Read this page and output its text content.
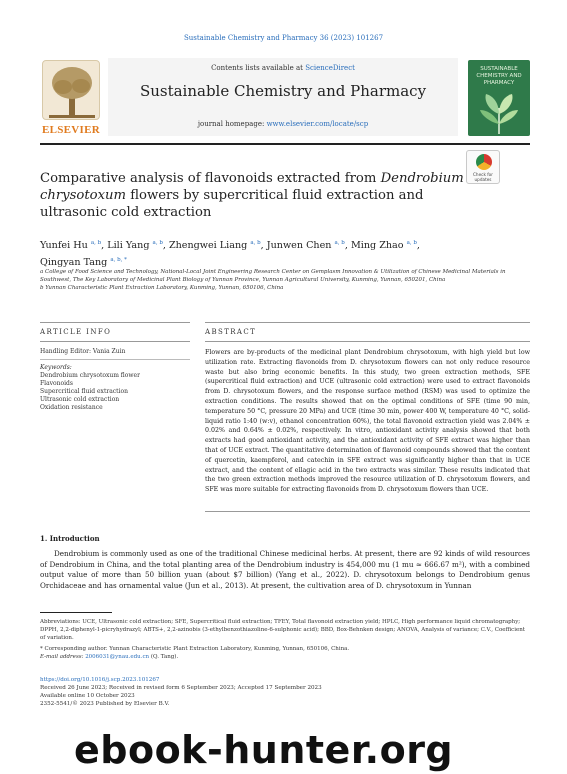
Sustainable Chemistry and Pharmacy 36 (2023) 101267
ELSEVIER
Contents lists available at ScienceDirect
Sustainable Chemistry and Pharmacy
journal homepage: www.elsevier.com/locate/scp
SUSTAINABLE CHEMISTRY AND PHARMACY
Comparative analysis of flavonoids extracted from Dendrobium chrysotoxum flowers by supercritical fluid extraction and ultrasonic cold extraction
Check for updates
Yunfei Hu $^{a, b}$, Lili Yang $^{a, b}$, Zhengwei Liang $^{a, b}$, Junwen Chen $^{a, b}$, Ming Zhao $^{a, b}$,
Qingyan Tang $^{a, b, *}$
a College of Food Science and Technology, National-Local Joint Engineering Research Center on Gemplasm Innovation & Utilization of Chinese Medicinal Materials in Southwest, The Key Laboratory of Medicinal Plant Biology of Yunnan Province, Yunnan Agricultural University, Kunming, Yunnan, 650201, China
b Yunnan Characteristic Plant Extraction Laboratory, Kunming, Yunnan, 650106, China
ARTICLE INFO	ABSTRACT
Handling Editor: Vania Zuin
Keywords:
Dendrobium chrysotoxum flower
Flavonoids
Supercritical fluid extraction
Ultrasonic cold extraction
Oxidation resistance
Flowers are by-products of the medicinal plant Dendrobium chrysotoxum, with high yield but low utilization rate. Extracting flavonoids from D. chrysotoxum flowers can not only reduce resource waste but also bring economic benefits. In this study, two green extraction methods, SFE (supercritical fluid extraction) and UCE (ultrasonic cold extraction) were used to extract flavonoids from D. chrysotoxum flowers, and the response surface method (RSM) was used to optimize the extraction conditions. The results showed that on the optimal conditions of SFE (time 90 min, temperature 50 °C, pressure 20 MPa) and UCE (time 30 min, power 400 W, temperature 40 °C, solid-liquid ratio 1:40 (w:v), ethanol concentration 60%), the total flavonoid extraction yield was 2.04% ± 0.02% and 0.64% ± 0.02%, respectively. In vitro, antioxidant activity analysis showed that both extracts had good antioxidant activity, and the antioxidant activity of SFE extract was higher than that of UCE extract. The quantitative determination of flavonoid compounds showed that the content of quercetin, kaempferol, and catechin in SFE extract was significantly higher than that in UCE extract, and the content of ellagic acid in the two extracts was similar. These results indicated that the two green extraction methods improved the resource utilization of D. chrysotoxum flowers, and SFE was more suitable for extracting flavonoids from D. chrysotoxum flowers than UCE.
1. Introduction
Dendrobium is commonly used as one of the traditional Chinese medicinal herbs. At present, there are 92 kinds of wild resources of Dendrobium in China, and the total planting area of the Dendrobium industry is 454,000 mu (1 mu ≈ 666.67 m²), with a combined output value of more than 50 billion yuan (about $7 billion) (Yang et al., 2022). D. chrysotoxum belongs to Dendrobium genus Orchidaceae and has ornamental value (Jun et al., 2013). At present, the cultivation area of D. chrysotoxum in Yunnan
Abbreviations: UCE, Ultrasonic cold extraction; SFE, Supercritical fluid extraction; TFEY, Total flavonoid extraction yield; HPLC, High performance liquid chromatography; DPPH, 2,2-diphenyl-1-picryhydrazyl; ABTS+, 2,2-azinobis (3-ethylbenzothiazoline-6-sulphonic acid); BBD, Box-Behnken design; ANOVA, Analysis of variance; C.V., Coefficient of variation.
* Corresponding author. Yunnan Characteristic Plant Extraction Laboratory, Kunming, Yunnan, 650106, China.
E-mail address: 2006031@ynau.edu.cn (Q. Tang).
https://doi.org/10.1016/j.scp.2023.101267
Received 26 June 2023; Received in revised form 6 September 2023; Accepted 17 September 2023
Available online 10 October 2023
2352-5541/© 2023 Published by Elsevier B.V.
ebook-hunter.org
